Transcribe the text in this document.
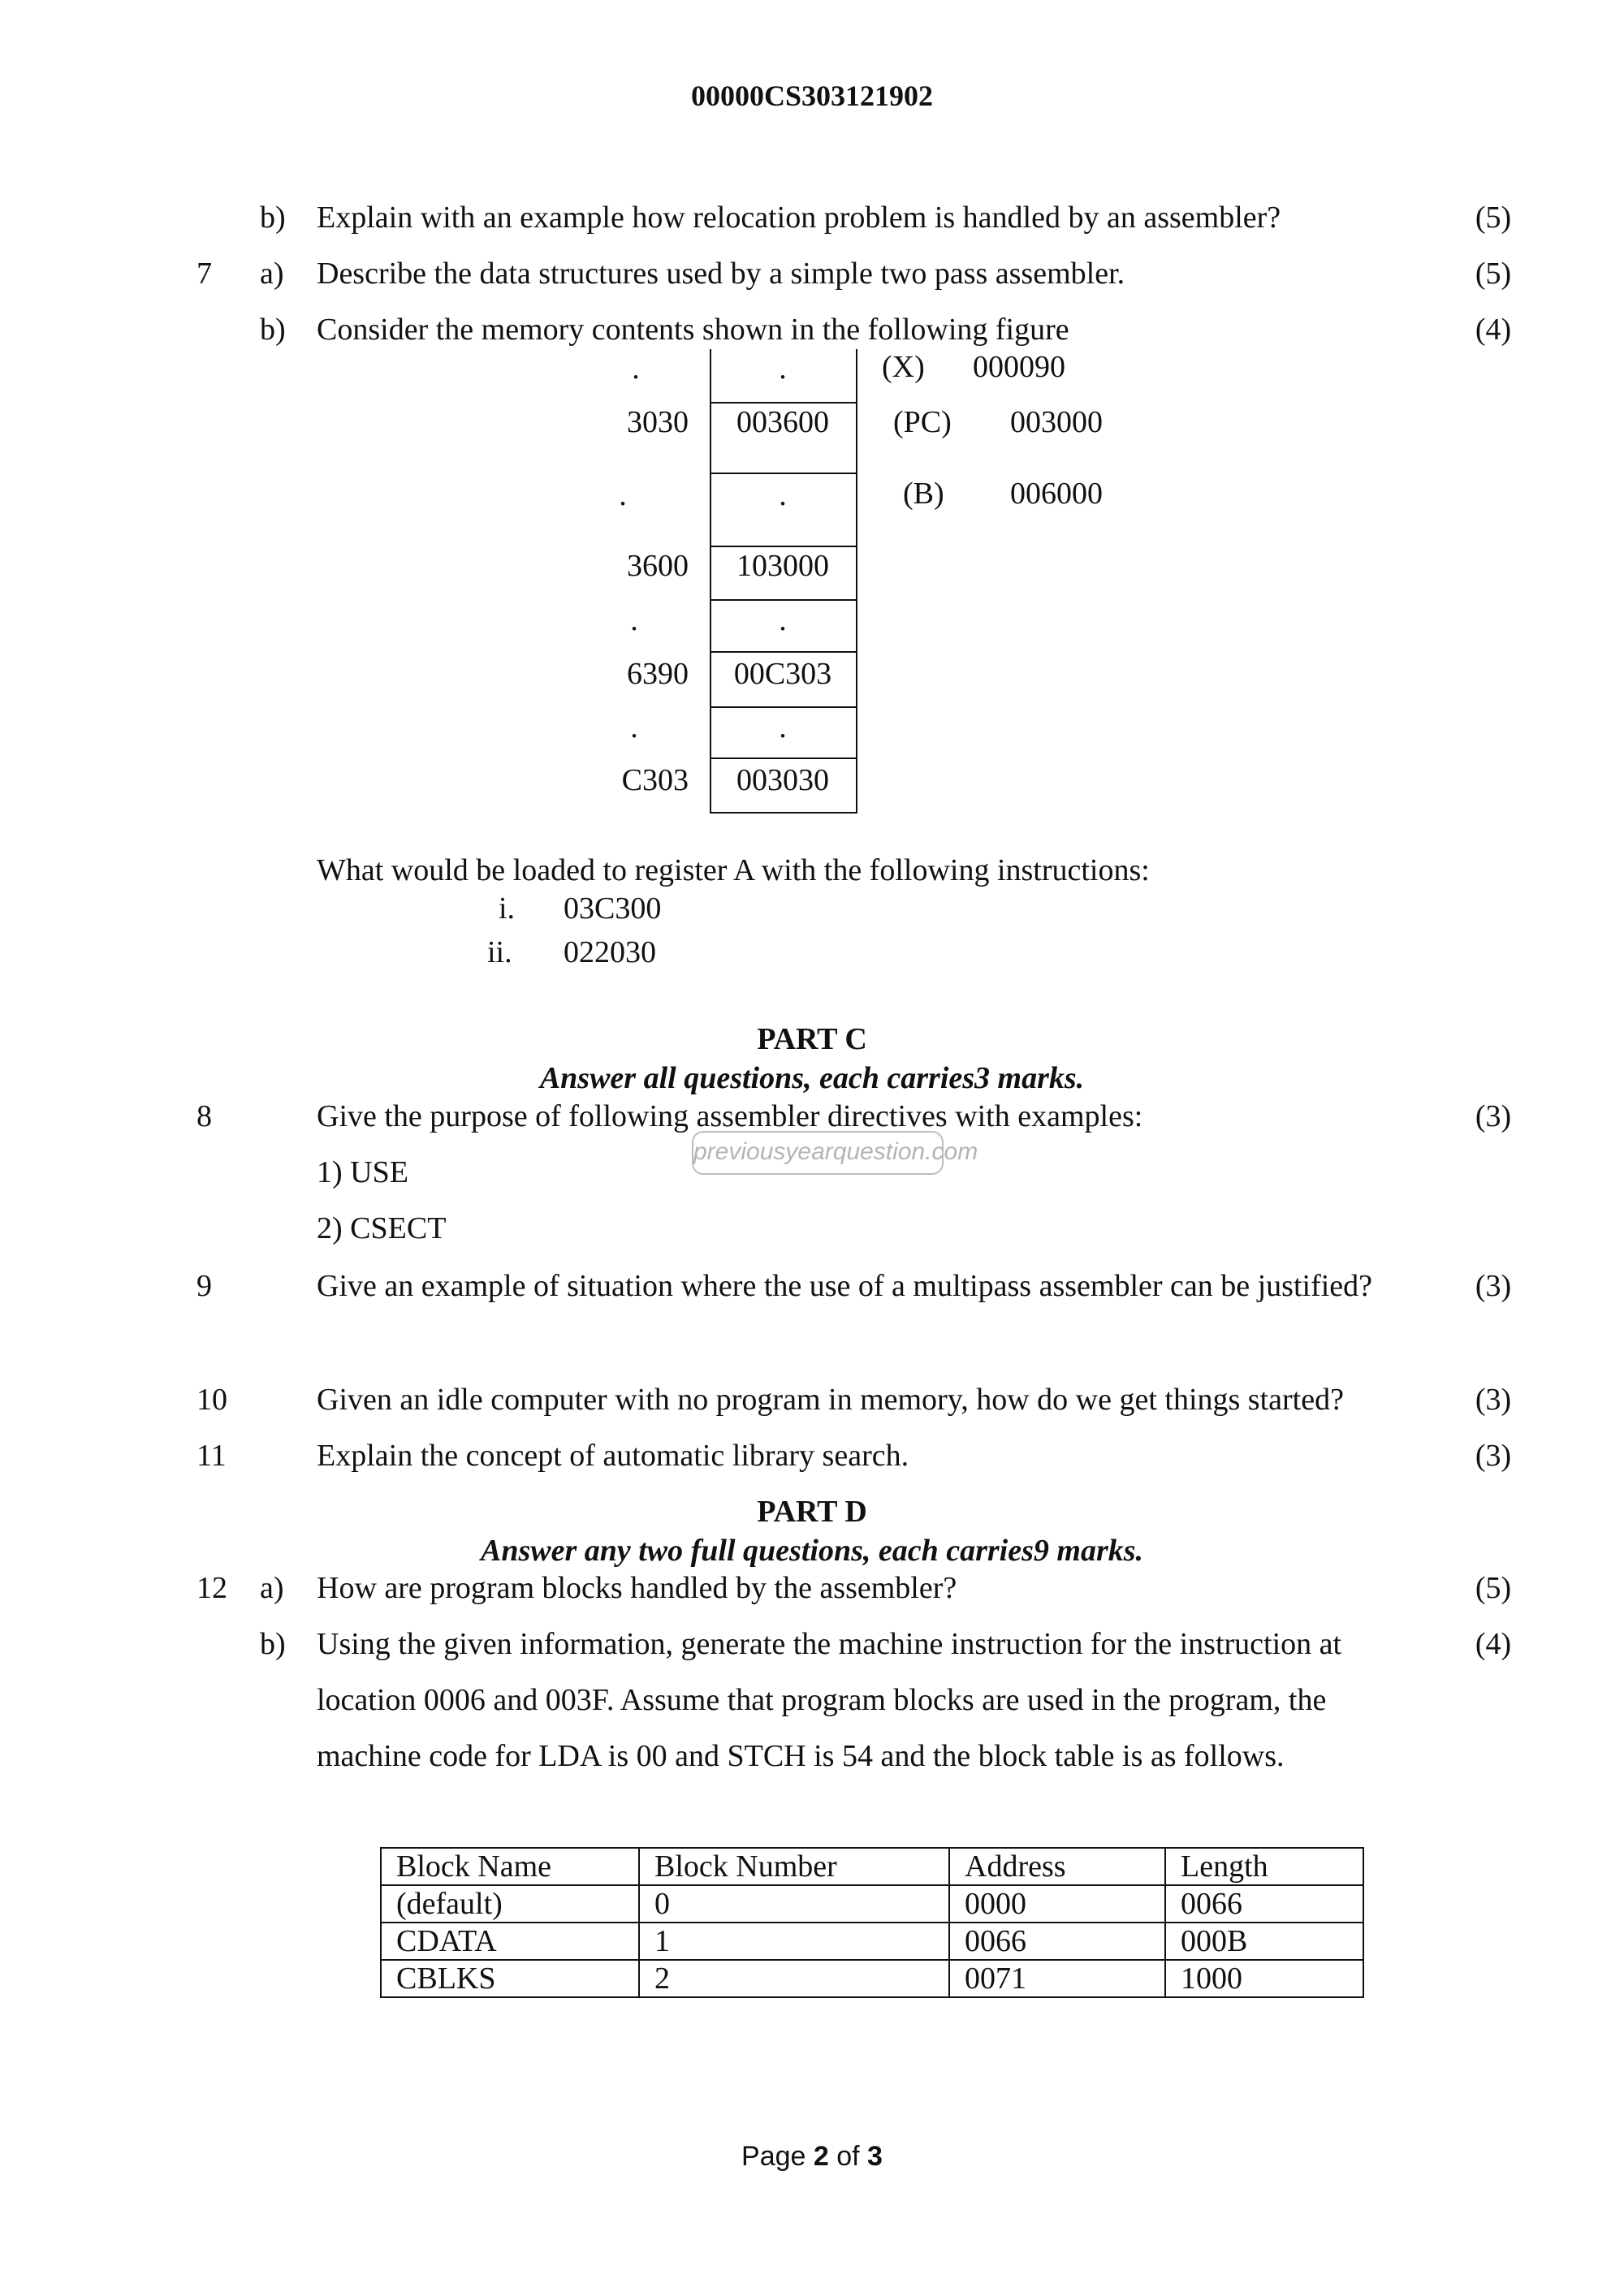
00000CS303121902
b) Explain with an example how relocation problem is handled by an assembler?	(5)
7 a) Describe the data structures used by a simple two pass assembler.	(5)
b) Consider the memory contents shown in the following figure	(4)
.	.
3030	003600
.	.
3600	103000
.	.
6390	00C303
.	.
C303	003030
(X) 000090
(PC) 003000
(B) 006000
What would be loaded to register A with the following instructions:
i. 03C300
ii. 022030
PART C
Answer all questions, each carries3 marks.
8	Give the purpose of following assembler directives with examples:	(3)
1) USE
2) CSECT
previousyearquestion.com
9	Give an example of situation where the use of a multipass assembler can be justified?	(3)
10	Given an idle computer with no program in memory, how do we get things started?	(3)
11	Explain the concept of automatic library search.	(3)
PART D
Answer any two full questions, each carries9 marks.
12 a) How are program blocks handled by the assembler?	(5)
b) Using the given information, generate the machine instruction for the instruction at
location 0006 and 003F. Assume that program blocks are used in the program, the
machine code for LDA is 00 and STCH is 54 and the block table is as follows.
(4)
Block Name	Block Number	Address	Length
(default)	0	0000	0066
CDATA	1	0066	000B
CBLKS	2	0071	1000
Page 2 of 3
